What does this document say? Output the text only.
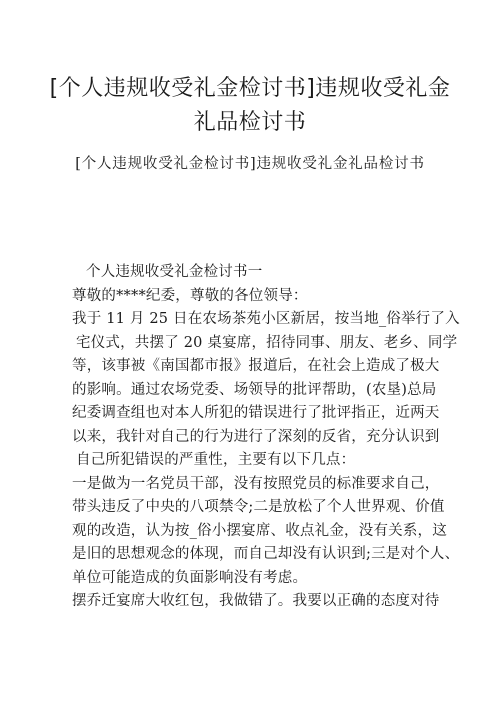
[个人违规收受礼金检讨书]违规收受礼金
礼品检讨书

[个人违规收受礼金检讨书]违规收受礼金礼品检讨书

个人违规收受礼金检讨书一
尊敬的****纪委，尊敬的各位领导：
我于 11 月 25 日在农场茶苑小区新居，按当地_俗举行了入
宅仪式，共摆了 20 桌宴席，招待同事、朋友、老乡、同学
等，该事被《南国都市报》报道后，在社会上造成了极大
的影响。通过农场党委、场领导的批评帮助，(农垦)总局
纪委调查组也对本人所犯的错误进行了批评指正，近两天
以来，我针对自己的行为进行了深刻的反省，充分认识到
自己所犯错误的严重性，主要有以下几点：
一是做为一名党员干部，没有按照党员的标准要求自己，
带头违反了中央的八项禁令;二是放松了个人世界观、价值
观的改造，认为按_俗小摆宴席、收点礼金，没有关系，这
是旧的思想观念的体现，而自己却没有认识到;三是对个人、
单位可能造成的负面影响没有考虑。
摆乔迁宴席大收红包，我做错了。我要以正确的态度对待
